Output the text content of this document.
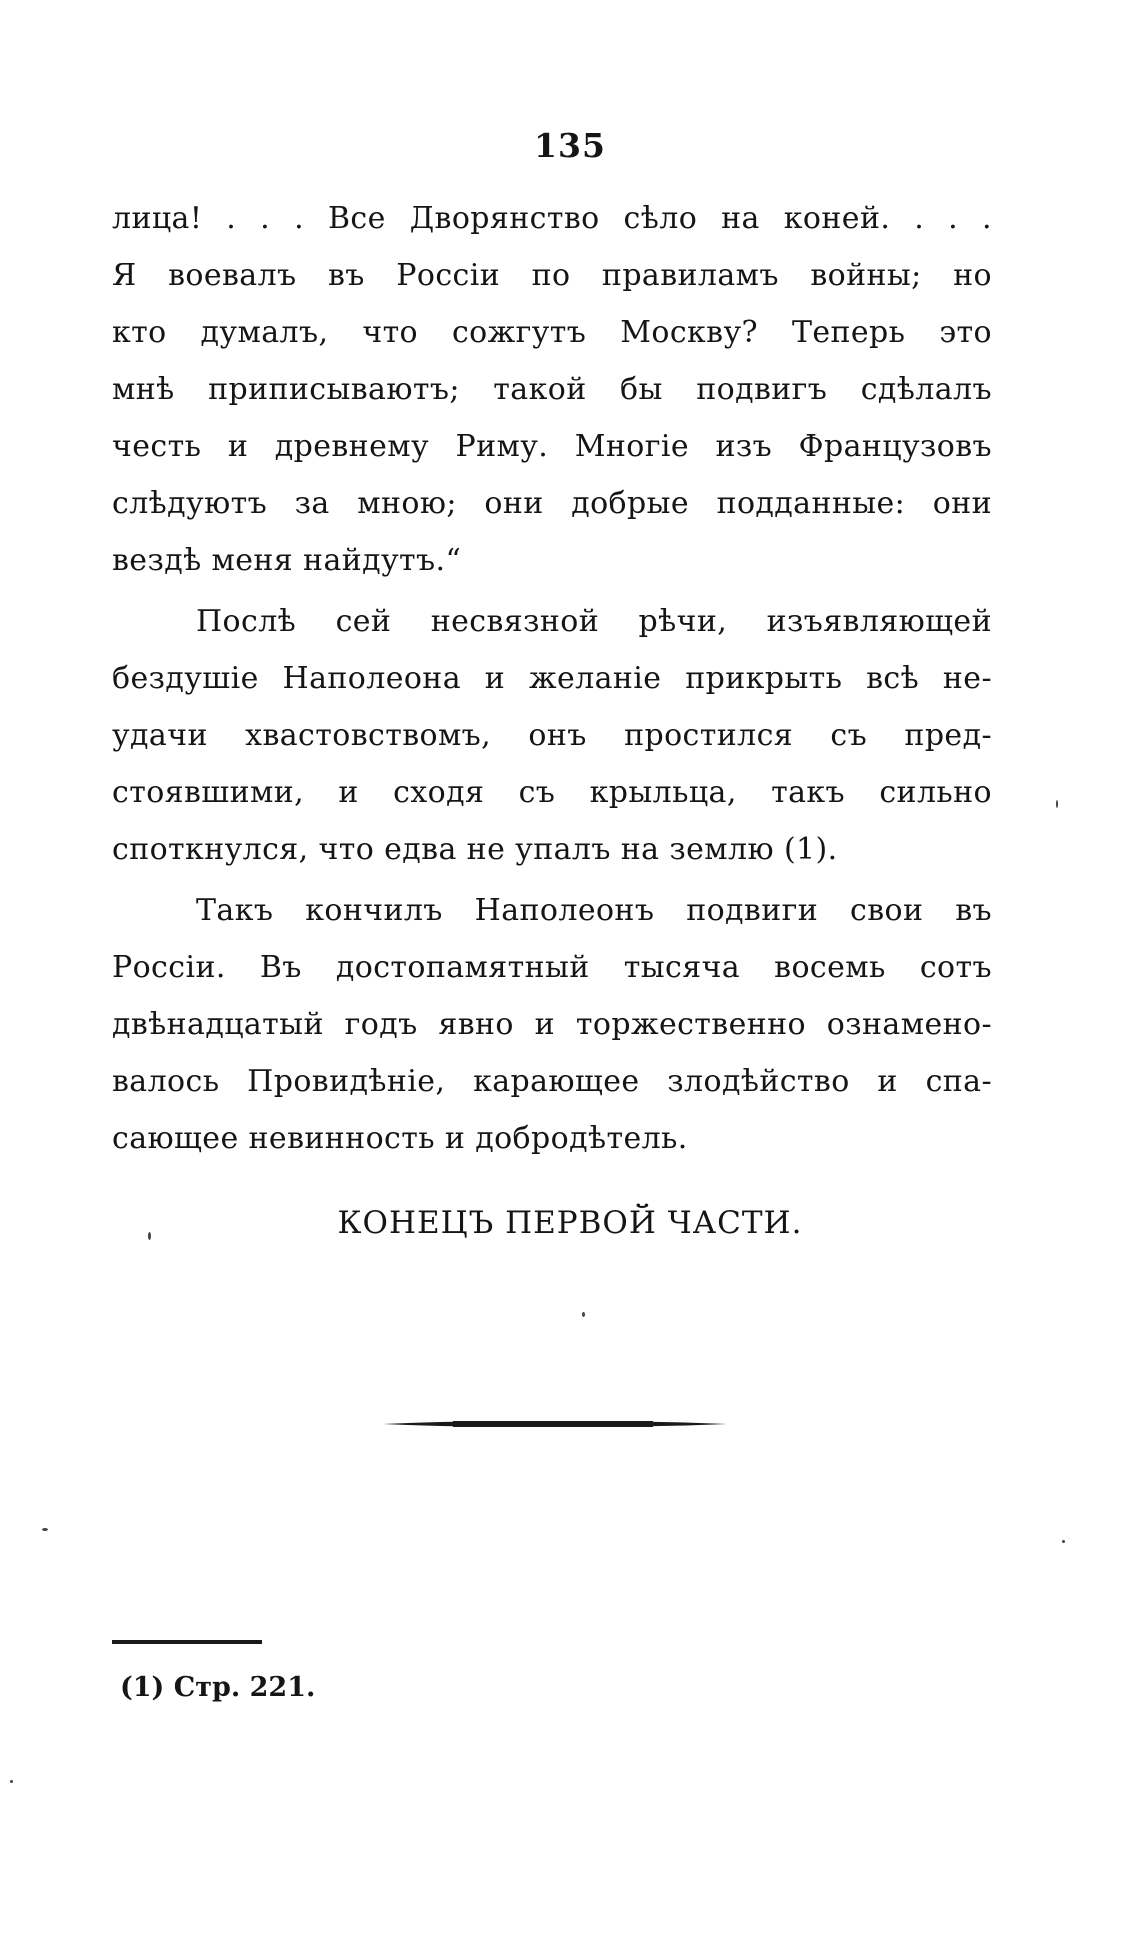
135
лица! . . . Все Дворянство сѣло на коней. . . .
Я воевалъ въ Россіи по правиламъ войны; но
кто думалъ, что сожгутъ Москву? Теперь это
мнѣ приписываютъ; такой бы подвигъ сдѣлалъ
честь и древнему Риму. Многіе изъ Французовъ
слѣдуютъ за мною; они добрые подданные: они
вездѣ меня найдутъ.“
Послѣ сей несвязной рѣчи, изъявляющей
бездушіе Наполеона и желаніе прикрыть всѣ не-
удачи хвастовствомъ, онъ простился съ пред-
стоявшими, и сходя съ крыльца, такъ сильно
споткнулся, что едва не упалъ на землю (1).
Такъ кончилъ Наполеонъ подвиги свои въ
Россіи. Въ достопамятный тысяча восемь сотъ
двѣнадцатый годъ явно и торжественно ознаменo-
валось Провидѣніе, карающее злодѣйство и спа-
сающее невинность и добродѣтель.
КОНЕЦЪ ПЕРВОЙ ЧАСТИ.
(1) Стр. 221.
